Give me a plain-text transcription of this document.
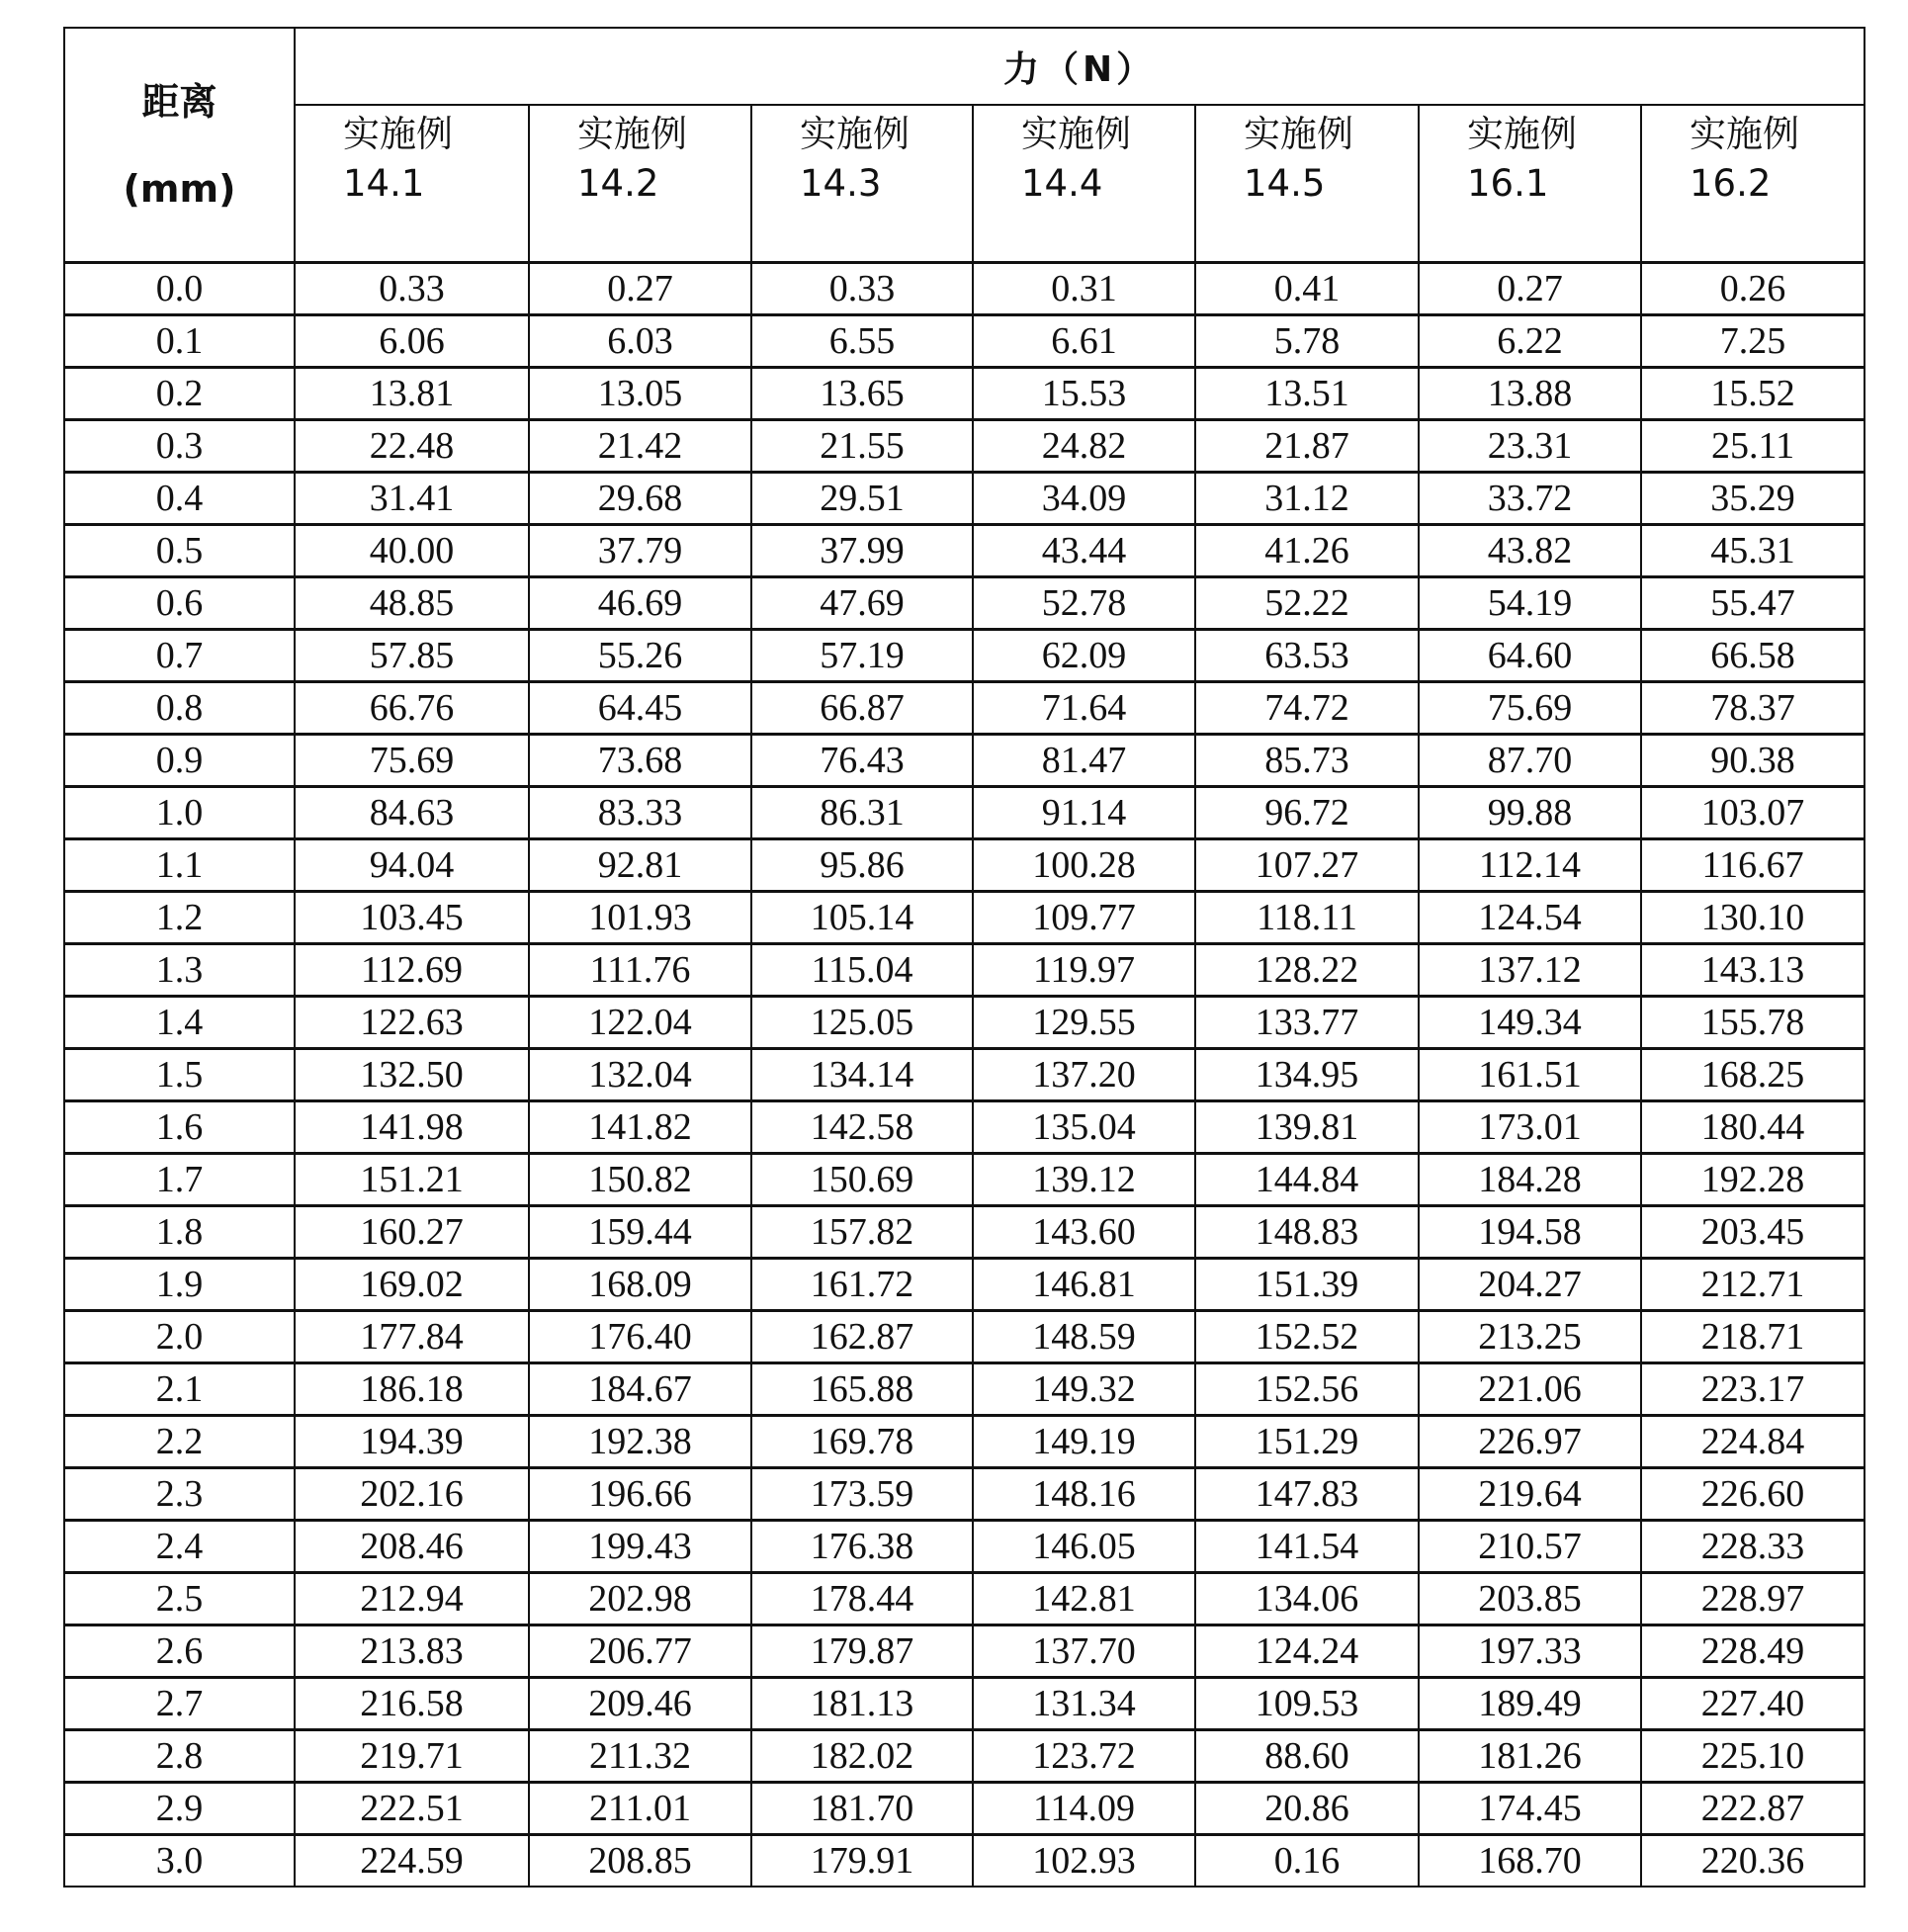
距离
(mm)
	力（N）

实施例
14.1

实施例
14.2

实施例
14.3

实施例
14.4

实施例
14.5

实施例
16.1

实施例
16.2

0.0	0.33	0.27	0.33	0.31	0.41	0.27	0.26
0.1	6.06	6.03	6.55	6.61	5.78	6.22	7.25
0.2	13.81	13.05	13.65	15.53	13.51	13.88	15.52
0.3	22.48	21.42	21.55	24.82	21.87	23.31	25.11
0.4	31.41	29.68	29.51	34.09	31.12	33.72	35.29
0.5	40.00	37.79	37.99	43.44	41.26	43.82	45.31
0.6	48.85	46.69	47.69	52.78	52.22	54.19	55.47
0.7	57.85	55.26	57.19	62.09	63.53	64.60	66.58
0.8	66.76	64.45	66.87	71.64	74.72	75.69	78.37
0.9	75.69	73.68	76.43	81.47	85.73	87.70	90.38
1.0	84.63	83.33	86.31	91.14	96.72	99.88	103.07
1.1	94.04	92.81	95.86	100.28	107.27	112.14	116.67
1.2	103.45	101.93	105.14	109.77	118.11	124.54	130.10
1.3	112.69	111.76	115.04	119.97	128.22	137.12	143.13
1.4	122.63	122.04	125.05	129.55	133.77	149.34	155.78
1.5	132.50	132.04	134.14	137.20	134.95	161.51	168.25
1.6	141.98	141.82	142.58	135.04	139.81	173.01	180.44
1.7	151.21	150.82	150.69	139.12	144.84	184.28	192.28
1.8	160.27	159.44	157.82	143.60	148.83	194.58	203.45
1.9	169.02	168.09	161.72	146.81	151.39	204.27	212.71
2.0	177.84	176.40	162.87	148.59	152.52	213.25	218.71
2.1	186.18	184.67	165.88	149.32	152.56	221.06	223.17
2.2	194.39	192.38	169.78	149.19	151.29	226.97	224.84
2.3	202.16	196.66	173.59	148.16	147.83	219.64	226.60
2.4	208.46	199.43	176.38	146.05	141.54	210.57	228.33
2.5	212.94	202.98	178.44	142.81	134.06	203.85	228.97
2.6	213.83	206.77	179.87	137.70	124.24	197.33	228.49
2.7	216.58	209.46	181.13	131.34	109.53	189.49	227.40
2.8	219.71	211.32	182.02	123.72	88.60	181.26	225.10
2.9	222.51	211.01	181.70	114.09	20.86	174.45	222.87
3.0	224.59	208.85	179.91	102.93	0.16	168.70	220.36
